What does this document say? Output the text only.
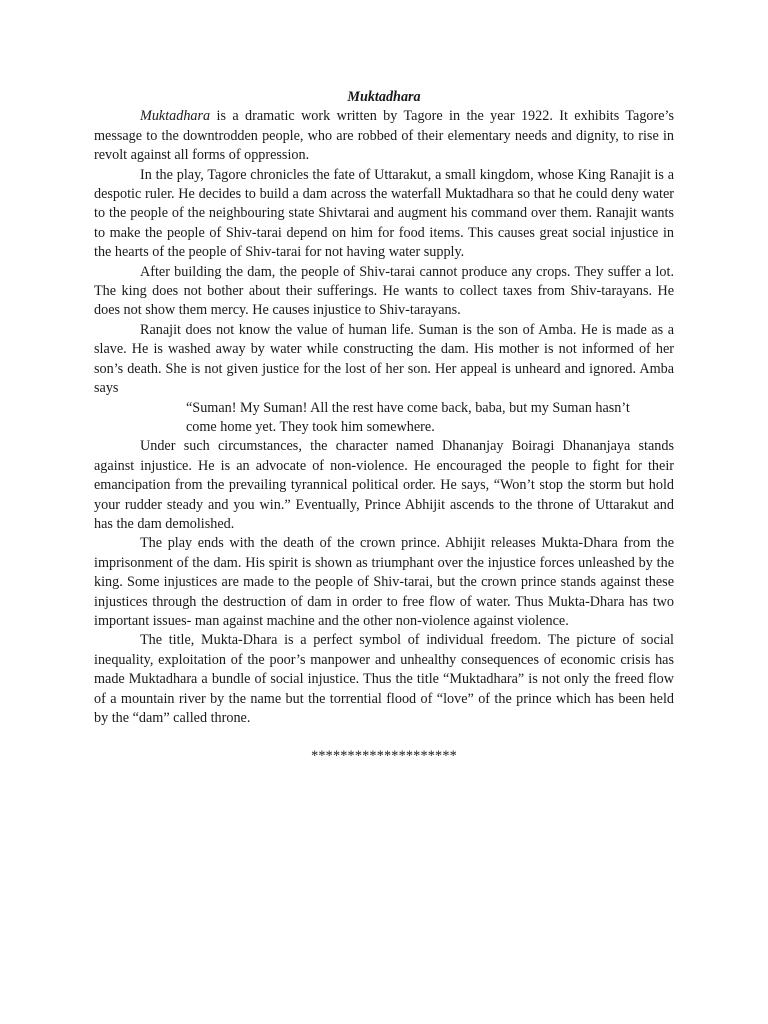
Muktadhara

Muktadhara is a dramatic work written by Tagore in the year 1922. It exhibits Tagore’s message to the downtrodden people, who are robbed of their elementary needs and dignity, to rise in revolt against all forms of oppression.

In the play, Tagore chronicles the fate of Uttarakut, a small kingdom, whose King Ranajit is a despotic ruler. He decides to build a dam across the waterfall Muktadhara so that he could deny water to the people of the neighbouring state Shivtarai and augment his command over them. Ranajit wants to make the people of Shiv-tarai depend on him for food items. This causes great social injustice in the hearts of the people of Shiv-tarai for not having water supply.

After building the dam, the people of Shiv-tarai cannot produce any crops. They suffer a lot. The king does not bother about their sufferings. He wants to collect taxes from Shiv-tarayans. He does not show them mercy. He causes injustice to Shiv-tarayans.

Ranajit does not know the value of human life. Suman is the son of Amba. He is made as a slave. He is washed away by water while constructing the dam. His mother is not informed of her son’s death. She is not given justice for the lost of her son. Her appeal is unheard and ignored. Amba says

“Suman! My Suman! All the rest have come back, baba, but my Suman hasn’t come home yet. They took him somewhere.

Under such circumstances, the character named Dhananjay Boiragi Dhananjaya stands against injustice. He is an advocate of non-violence. He encouraged the people to fight for their emancipation from the prevailing tyrannical political order. He says, “Won’t stop the storm but hold your rudder steady and you win.” Eventually, Prince Abhijit ascends to the throne of Uttarakut and has the dam demolished.

The play ends with the death of the crown prince. Abhijit releases Mukta-Dhara from the imprisonment of the dam. His spirit is shown as triumphant over the injustice forces unleashed by the king. Some injustices are made to the people of Shiv-tarai, but the crown prince stands against these injustices through the destruction of dam in order to free flow of water. Thus Mukta-Dhara has two important issues- man against machine and the other non-violence against violence.

The title, Mukta-Dhara is a perfect symbol of individual freedom. The picture of social inequality, exploitation of the poor’s manpower and unhealthy consequences of economic crisis has made Muktadhara a bundle of social injustice. Thus the title “Muktadhara” is not only the freed flow of a mountain river by the name but the torrential flood of “love” of the prince which has been held by the “dam” called throne.

********************
